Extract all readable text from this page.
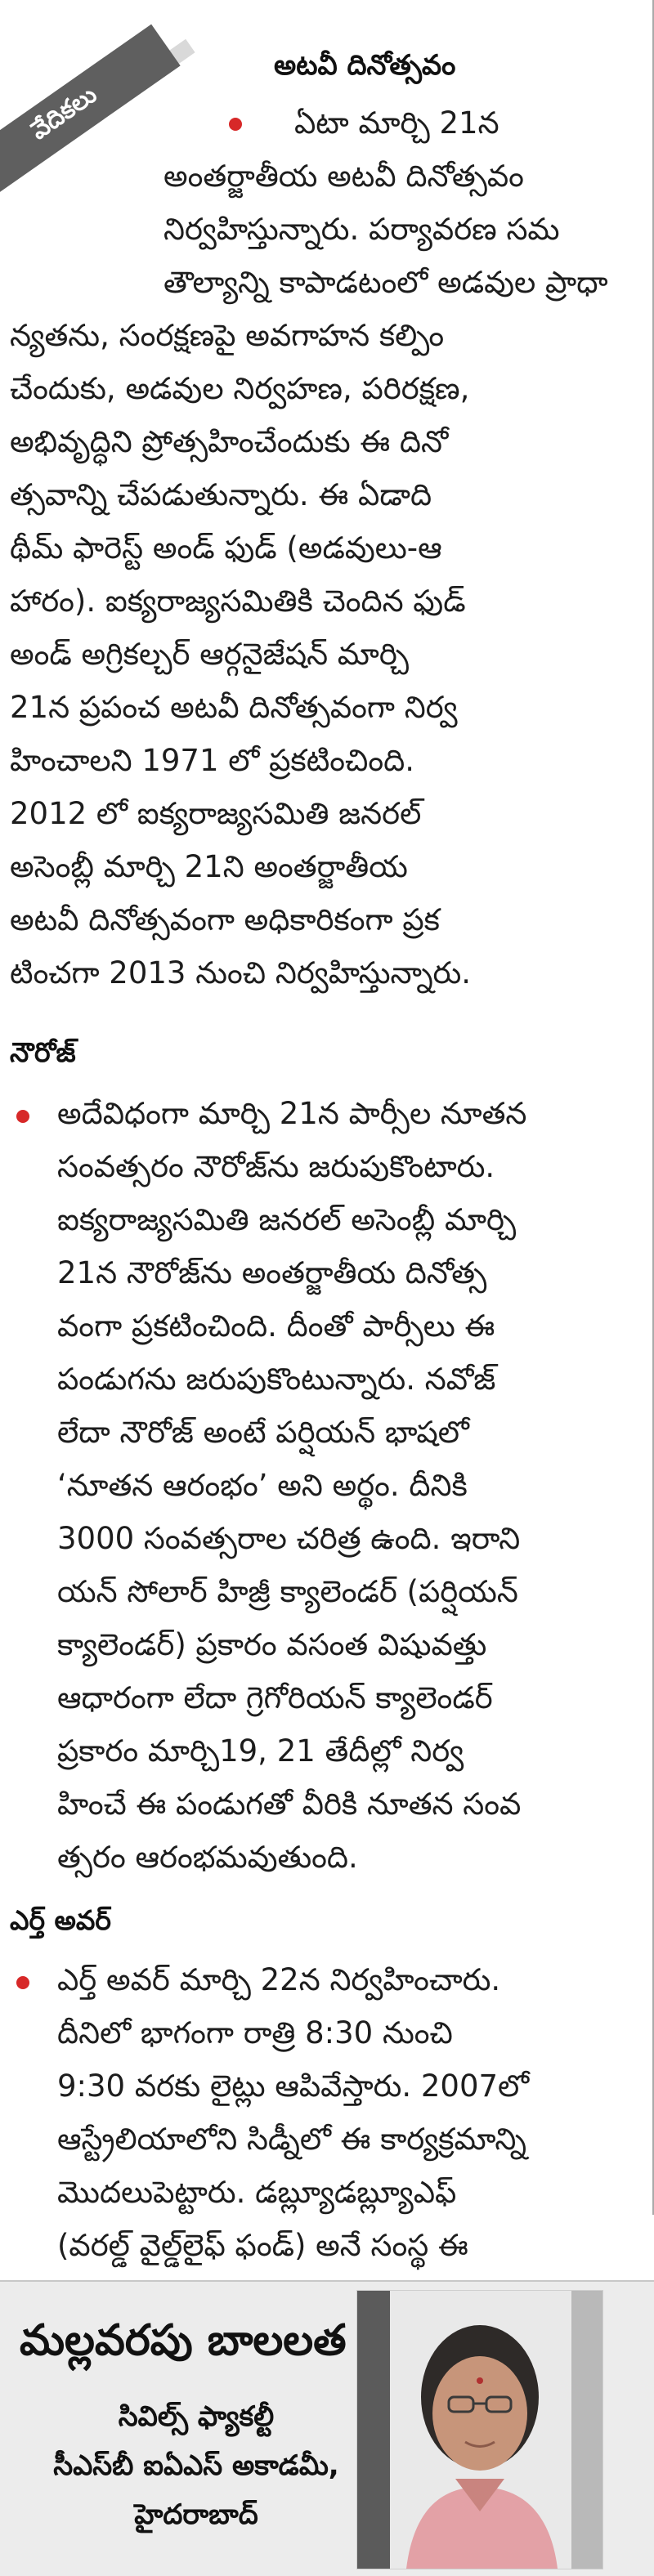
వేదికలు
అటవీ దినోత్సవం
ఏటా మార్చి 21న
అంతర్జాతీయ అటవీ దినోత్సవం
నిర్వహిస్తున్నారు. పర్యావరణ సమ
తౌల్యాన్ని కాపాడటంలో అడవుల ప్రాధా
న్యతను, సంరక్షణపై అవగాహన కల్పిం
చేందుకు, అడవుల నిర్వహణ, పరిరక్షణ,
అభివృద్ధిని ప్రోత్సహించేందుకు ఈ దినో
త్సవాన్ని చేపడుతున్నారు. ఈ ఏడాది
థీమ్ ఫారెస్ట్ అండ్ ఫుడ్ (అడవులు-ఆ
హారం). ఐక్యరాజ్యసమితికి చెందిన ఫుడ్
అండ్ అగ్రికల్చర్ ఆర్గనైజేషన్ మార్చి
21న ప్రపంచ అటవీ దినోత్సవంగా నిర్వ
హించాలని 1971 లో ప్రకటించింది.
2012 లో ఐక్యరాజ్యసమితి జనరల్
అసెంబ్లీ మార్చి 21ని అంతర్జాతీయ
అటవీ దినోత్సవంగా అధికారికంగా ప్రక
టించగా 2013 నుంచి నిర్వహిస్తున్నారు.
నౌరోజ్
అదేవిధంగా మార్చి 21న పార్సీల నూతన
సంవత్సరం నౌరోజ్‌ను జరుపుకొంటారు.
ఐక్యరాజ్యసమితి జనరల్ అసెంబ్లీ మార్చి
21న నౌరోజ్‌ను అంతర్జాతీయ దినోత్స
వంగా ప్రకటించింది. దీంతో పార్సీలు ఈ
పండుగను జరుపుకొంటున్నారు. నవోజ్
లేదా నౌరోజ్ అంటే పర్షియన్ భాషలో
‘నూతన ఆరంభం’ అని అర్థం. దీనికి
3000 సంవత్సరాల చరిత్ర ఉంది. ఇరాని
యన్ సోలార్ హిజ్రీ క్యాలెండర్ (పర్షియన్
క్యాలెండర్) ప్రకారం వసంత విషువత్తు
ఆధారంగా లేదా గ్రెగోరియన్ క్యాలెండర్
ప్రకారం మార్చి19, 21 తేదీల్లో నిర్వ
హించే ఈ పండుగతో వీరికి నూతన సంవ
త్సరం ఆరంభమవుతుంది.
ఎర్త్ అవర్
ఎర్త్ అవర్ మార్చి 22న నిర్వహించారు.
దీనిలో భాగంగా రాత్రి 8:30 నుంచి
9:30 వరకు లైట్లు ఆపివేస్తారు. 2007లో
ఆస్ట్రేలియాలోని సిడ్నీలో ఈ కార్యక్రమాన్ని
మొదలుపెట్టారు. డబ్ల్యూడబ్ల్యూఎఫ్
(వరల్డ్ వైల్డ్‌లైఫ్ ఫండ్) అనే సంస్థ ఈ
మల్లవరపు బాలలత
సివిల్స్ ఫ్యాకల్టీ
సీఎస్‌బీ ఐఏఎస్ అకాడమీ,
హైదరాబాద్
